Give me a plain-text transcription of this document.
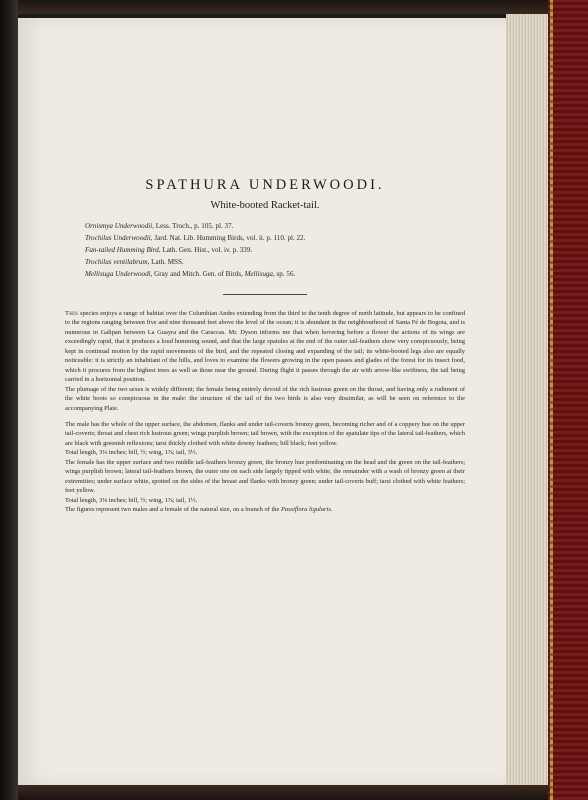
SPATHURA UNDERWOODI.
White-booted Racket-tail.
Ornismya Underwoodii, Less. Troch., p. 105. pl. 37.
Trochilus Underwoodii, Jard. Nat. Lib. Humming Birds, vol. ii. p. 110. pl. 22.
Fan-tailed Humming Bird, Lath. Gen. Hist., vol. iv. p. 339.
Trochilus ventilabrum, Lath. MSS.
Mellisuga Underwoodi, Gray and Mitch. Gen. of Birds, Mellisuga, sp. 56.

This species enjoys a range of habitat over the Columbian Andes extending from the third to the tenth degree of north latitude, but appears to be confined to the regions ranging between five and nine thousand feet above the level of the ocean; it is abundant in the neighbourhood of Santa Fé de Bogota, and is numerous in Galipan between La Guayra and the Caraccas. Mr. Dyson informs me that when hovering before a flower the actions of its wings are exceedingly rapid, that it produces a loud humming sound, and that the large spatules at the end of the outer tail-feathers show very conspicuously, being kept in continual motion by the rapid movements of the bird, and the repeated closing and expanding of the tail; its white-booted legs also are equally noticeable: it is strictly an inhabitant of the hills, and loves to examine the flowers growing in the open passes and glades of the forest for its insect food, which it procures from the highest trees as well as those near the ground. During flight it passes through the air with arrow-like swiftness, the tail being carried in a horizontal position.

The plumage of the two sexes is widely different; the female being entirely devoid of the rich lustrous green on the throat, and having only a rudiment of the white boots so conspicuous in the male: the structure of the tail of the two birds is also very dissimilar, as will be seen on reference to the accompanying Plate.

The male has the whole of the upper surface, the abdomen, flanks and under tail-coverts bronzy green, becoming richer and of a coppery hue on the upper tail-coverts; throat and chest rich lustrous green; wings purplish brown; tail brown, with the exception of the spatulate tips of the lateral tail-feathers, which are black with greenish reflexions; tarsi thickly clothed with white downy feathers; bill black; feet yellow.

Total length, 3¼ inches; bill, ½; wing, 1⅞; tail, 3½.

The female has the upper surface and two middle tail-feathers bronzy green, the bronzy hue predominating on the head and the green on the tail-feathers; wings purplish brown; lateral tail-feathers brown, the outer one on each side largely tipped with white, the remainder with a wash of bronzy green at their extremities; under surface white, spotted on the sides of the breast and flanks with bronzy green; under tail-coverts buff; tarsi clothed with white feathers; feet yellow.

Total length, 3⅛ inches; bill, ½; wing, 1⅞; tail, 1½.

The figures represent two males and a female of the natural size, on a branch of the Passiflora ligularis.
